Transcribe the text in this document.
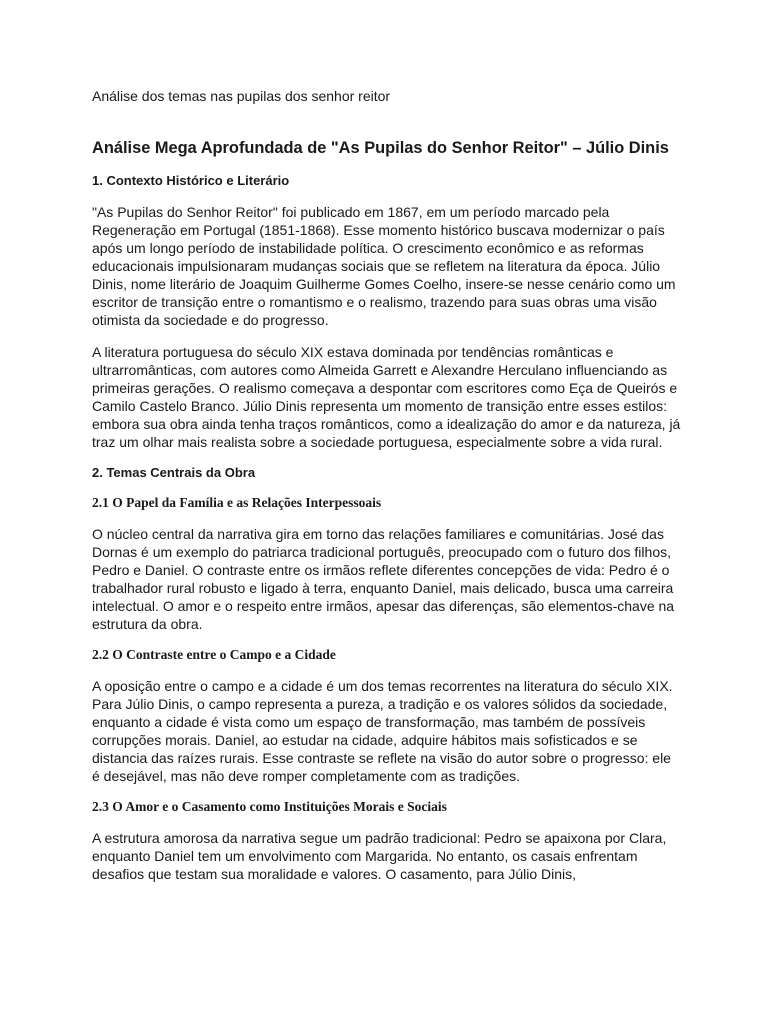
Análise dos temas nas pupilas dos senhor reitor
Análise Mega Aprofundada de "As Pupilas do Senhor Reitor" – Júlio Dinis
1. Contexto Histórico e Literário

"As Pupilas do Senhor Reitor" foi publicado em 1867, em um período marcado pela Regeneração em Portugal (1851-1868). Esse momento histórico buscava modernizar o país após um longo período de instabilidade política. O crescimento econômico e as reformas educacionais impulsionaram mudanças sociais que se refletem na literatura da época. Júlio Dinis, nome literário de Joaquim Guilherme Gomes Coelho, insere-se nesse cenário como um escritor de transição entre o romantismo e o realismo, trazendo para suas obras uma visão otimista da sociedade e do progresso.

A literatura portuguesa do século XIX estava dominada por tendências românticas e ultrarromânticas, com autores como Almeida Garrett e Alexandre Herculano influenciando as primeiras gerações. O realismo começava a despontar com escritores como Eça de Queirós e Camilo Castelo Branco. Júlio Dinis representa um momento de transição entre esses estilos: embora sua obra ainda tenha traços românticos, como a idealização do amor e da natureza, já traz um olhar mais realista sobre a sociedade portuguesa, especialmente sobre a vida rural.

2. Temas Centrais da Obra
2.1 O Papel da Família e as Relações Interpessoais

O núcleo central da narrativa gira em torno das relações familiares e comunitárias. José das Dornas é um exemplo do patriarca tradicional português, preocupado com o futuro dos filhos, Pedro e Daniel. O contraste entre os irmãos reflete diferentes concepções de vida: Pedro é o trabalhador rural robusto e ligado à terra, enquanto Daniel, mais delicado, busca uma carreira intelectual. O amor e o respeito entre irmãos, apesar das diferenças, são elementos-chave na estrutura da obra.

2.2 O Contraste entre o Campo e a Cidade

A oposição entre o campo e a cidade é um dos temas recorrentes na literatura do século XIX. Para Júlio Dinis, o campo representa a pureza, a tradição e os valores sólidos da sociedade, enquanto a cidade é vista como um espaço de transformação, mas também de possíveis corrupções morais. Daniel, ao estudar na cidade, adquire hábitos mais sofisticados e se distancia das raízes rurais. Esse contraste se reflete na visão do autor sobre o progresso: ele é desejável, mas não deve romper completamente com as tradições.

2.3 O Amor e o Casamento como Instituições Morais e Sociais

A estrutura amorosa da narrativa segue um padrão tradicional: Pedro se apaixona por Clara, enquanto Daniel tem um envolvimento com Margarida. No entanto, os casais enfrentam desafios que testam sua moralidade e valores. O casamento, para Júlio Dinis,
